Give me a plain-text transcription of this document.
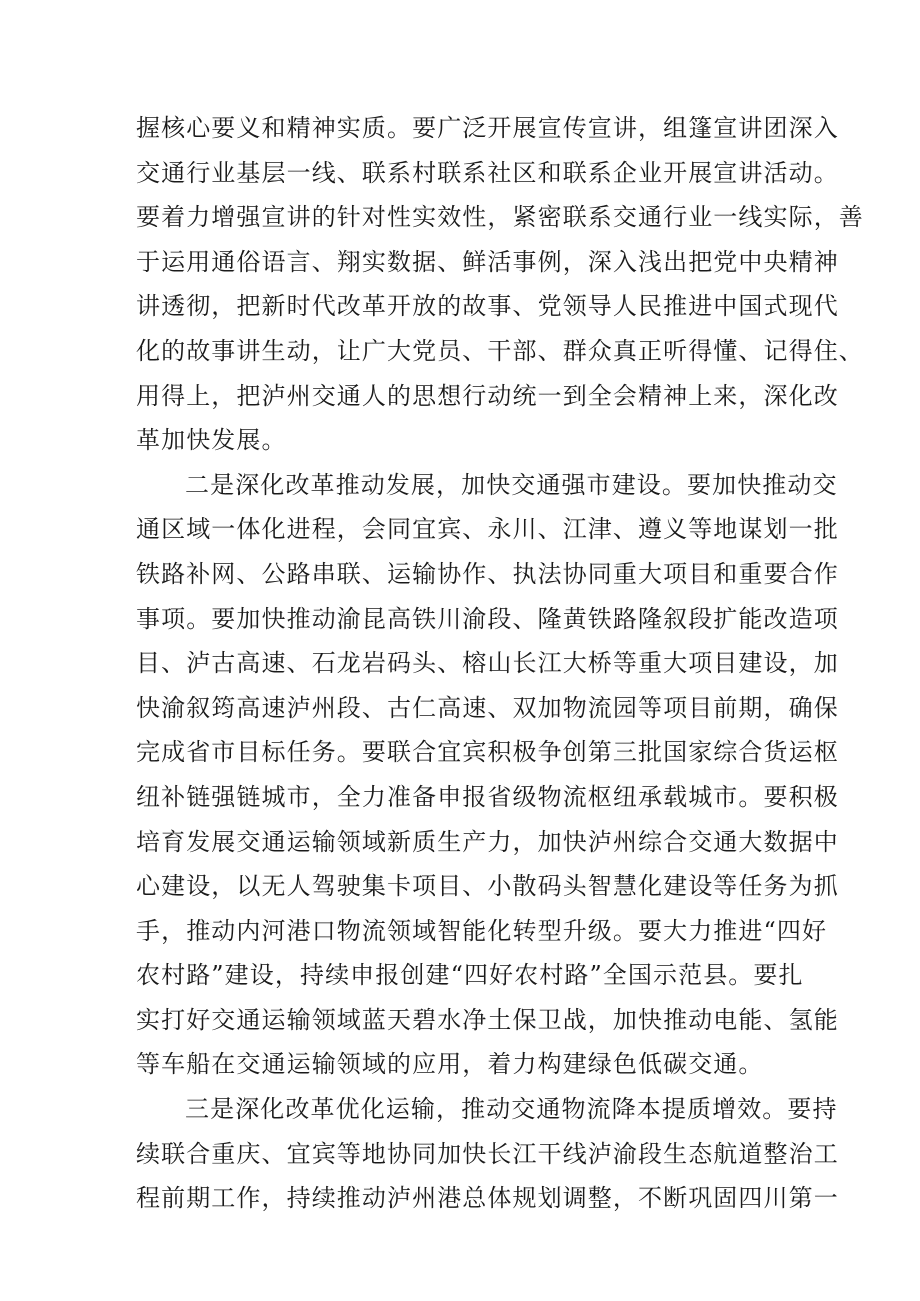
握核心要义和精神实质。要广泛开展宣传宣讲，组篷宣讲团深入
交通行业基层一线、联系村联系社区和联系企业开展宣讲活动。
要着力增强宣讲的针对性实效性，紧密联系交通行业一线实际，善
于运用通俗语言、翔实数据、鲜活事例，深入浅出把党中央精神
讲透彻，把新时代改革开放的故事、党领导人民推进中国式现代
化的故事讲生动，让广大党员、干部、群众真正听得懂、记得住、
用得上，把泸州交通人的思想行动统一到全会精神上来，深化改
革加快发展。
二是深化改革推动发展，加快交通强市建设。要加快推动交
通区域一体化进程，会同宜宾、永川、江津、遵义等地谋划一批
铁路补网、公路串联、运输协作、执法协同重大项目和重要合作
事项。要加快推动渝昆高铁川渝段、隆黄铁路隆叙段扩能改造项
目、泸古高速、石龙岩码头、榕山长江大桥等重大项目建设，加
快渝叙筠高速泸州段、古仁高速、双加物流园等项目前期，确保
完成省市目标任务。要联合宜宾积极争创第三批国家综合货运枢
纽补链强链城市，全力准备申报省级物流枢纽承载城市。要积极
培育发展交通运输领域新质生产力，加快泸州综合交通大数据中
心建设，以无人驾驶集卡项目、小散码头智慧化建设等任务为抓
手，推动内河港口物流领域智能化转型升级。要大力推进“四好
农村路”建设，持续申报创建“四好农村路”全国示范县。要扎
实打好交通运输领域蓝天碧水净土保卫战，加快推动电能、氢能
等车船在交通运输领域的应用，着力构建绿色低碳交通。
三是深化改革优化运输，推动交通物流降本提质增效。要持
续联合重庆、宜宾等地协同加快长江干线泸渝段生态航道整治工
程前期工作，持续推动泸州港总体规划调整，不断巩固四川第一
